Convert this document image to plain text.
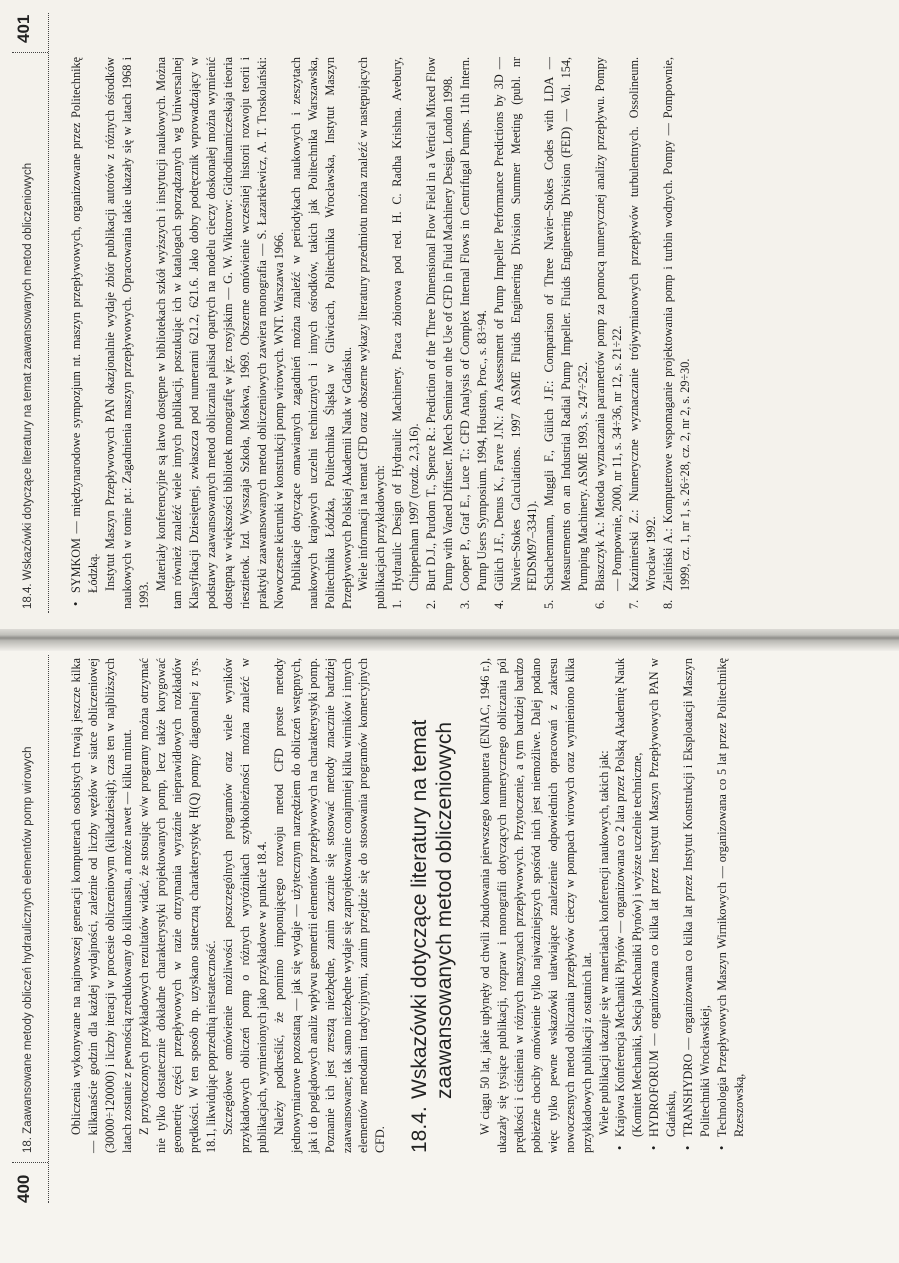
400
18. Zaawansowane metody obliczeń hydraulicznych elementów pomp wirowych	Obliczenia wykonywane na najnowszej generacji komputerach osobistych trwają jeszcze kilka — kilkanaście godzin dla każdej wydajności, zależnie od liczby węzłów w siatce obliczeniowej (30000÷120000) i liczby iteracji w procesie obliczeniowym (kilkadziesiąt); czas ten w najbliższych latach zostanie z pewnością zredukowany do kilkunastu, a może nawet — kilku minut. Z przytoczonych przykładowych rezultatów widać, że stosując w/w programy można otrzymać nie tylko dostatecznie dokładne charakterystyki projektowanych pomp, lecz także korygować geometrię części przepływowych w razie otrzymania wyraźnie nieprawidłowych rozkładów prędkości. W ten sposób np. uzyskano stateczną charakterystykę H(Q) pompy diagonalnej z rys. 18.1, likwidując poprzednią niestateczność. Szczegółowe omówienie możliwości poszczególnych programów oraz wiele wyników przykładowych obliczeń pomp o różnych wyróżnikach szybkobieżności można znaleźć w publikacjach, wymienionych jako przykładowe w punkcie 18.4. Należy podkreślić, że pomimo imponującego rozwoju metod CFD proste metody jednowymiarowe pozostaną — jak się wydaje — użytecznym narzędziem do obliczeń wstępnych, jak i do poglądowych analiz wpływu geometrii elementów przepływowych na charakterystyki pomp. Poznanie ich jest zresztą niezbędne, zanim zacznie się stosować metody znacznie bardziej zaawansowane; tak samo niezbędne wydaje się zaprojektowanie conajmniej kilku wirników i innych elementów metodami tradycyjnymi, zanim przejdzie się do stosowania programów komercyjnych CFD. 18.4.Wskazówki dotyczące literatury na temat zaawansowanych metod obliczeniowych W ciągu 50 lat, jakie upłynęły od chwili zbudowania pierwszego komputera (ENIAC, 1946 r.), ukazały się tysiące publikacji, rozpraw i monografii dotyczących numerycznego obliczania pól prędkości i ciśnienia w różnych maszynach przepływowych. Przytoczenie, a tym bardziej bardzo pobieżne chociby omówienie tylko najważniejszych spośród nich jest niemożliwe. Dalej podano więc tylko pewne wskazówki ułatwiające znalezienie odpowiednich opracowań z zakresu nowoczesnych metod obliczania przepływów cieczy w pompach wirowych oraz wymieniono kilka przykładowych publikacji z ostatnich lat. Wiele publikacji ukazuje się w materiałach konferencji naukowych, takich jak: • Krajowa Konferencja Mechaniki Płynów — organizowana co 2 lata przez Polską Akademię Nauk (Komitet Mechaniki, Sekcja Mechaniki Płynów) i wyższe uczelnie techniczne, • HYDROFORUM — organizowana co kilka lat przez Instytut Maszyn Przepływowych PAN w Gdańsku, • TRANSHYDRO — organizowana co kilka lat przez Instytut Konstrukcji i Eksploatacji Maszyn Politechniki Wrocławskiej, • Technologia Przepływowych Maszyn Wirnikowych — organizowana co 5 lat przez Politechnikę Rzeszowską,

18.4. Wskazówki dotyczące literatury na temat zaawansowanych metod obliczeniowych
401

• SYMKOM — międzynarodowe sympozjum nt. maszyn przepływowych, organizowane przez Politechnikę Łódzką. Instytut Maszyn Przepływowych PAN okazjonalnie wydaje zbiór publikacji autorów z różnych ośrodków naukowych w tomie pt.: Zagadnienia maszyn przepływowych. Opracowania takie ukazały się w latach 1968 i 1993.

Materiały konferencyjne są łatwo dostępne w bibliotekach szkół wyższych i instytucji naukowych. Można tam również znaleźć wiele innych publikacji, poszukując ich w katalogach sporządzanych wg Uniwersalnej Klasyfikacji Dziesiętnej, zwłaszcza pod numerami 621.2, 621.6. Jako dobry podręcznik wprowadzający w podstawy zaawansowanych metod obliczania palisad opartych na modelu cieczy doskonałej można wymienić dostępną w większości bibliotek monografię w jęz. rosyjskim — G. W. Wiktorow: Gidrodinamiczeskaja tieoria riesztietok. Izd. Wysszaja Szkoła, Moskwa, 1969. Obszerne omówienie wcześniej historii rozwoju teorii i praktyki zaawansowanych metod obliczeniowych zawiera monografia — S. Łazarkiewicz, A. T. Troskolański: Nowoczesne kierunki w konstrukcji pomp wirowych. WNT. Warszawa 1966. Publikacje dotyczące omawianych zagadnień można znaleźć w periodykach naukowych i zeszytach naukowych krajowych uczelni technicznych i innych ośrodków, takich jak Politechnika Warszawska, Politechnika Łódzka, Politechnika Śląska w Gliwicach, Politechnika Wrocławska, Instytut Maszyn Przepływowych Polskiej Akademii Nauk w Gdańsku. Wiele informacji na temat CFD oraz obszerne wykazy literatury przedmiotu można znaleźć w następujących publikacjach przykładowych: 1.
Hydraulic Design of Hydraulic Machinery. Praca zbiorowa pod red. H. C. Radha Krishna. Avebury, Chippenham 1997 (rozdz. 2,3,16).

2.
Burt D.J., Purdom T., Spence R.: Prediction of the Three Dimensional Flow Field in a Vertical Mixed Flow Pump with Vaned Diffuser. IMech Seminar on the Use of CFD in Fluid Machinery Design. London 1998.

3.
Cooper P., Graf E., Luce T.: CFD Analysis of Complex Internal Flows in Centrifugal Pumps. 11th Intern. Pump Users Symposium. 1994, Houston, Proc., s. 83÷94.

4.
Gülich J.F., Denus K., Favre J.N.: An Assessment of Pump Impeller Performance Predictions by 3D — Navier–Stokes Calculations. 1997 ASME Fluids Engineering Division Summer Meeting (publ. nr FEDSM97–3341).

5.
Schachenmann, Muggli F., Gülich J.F.: Comparison of Three Navier–Stokes Codes with LDA — Measurements on an Industrial Radial Pump Impeller. Fluids Engineering Division (FED) — Vol. 154, Pumping Machinery. ASME 1993, s. 247÷252.

6.
Błaszczyk A.: Metoda wyznaczania parametrów pomp za pomocą numerycznej analizy przepływu. Pompy — Pompownie, 2000, nr 11, s. 34÷36, nr 12, s. 21÷22.

7.
Kazimierski Z.: Numeryczne wyznaczanie trójwymiarowych przepływów turbulentnych. Ossolineum. Wrocław 1992.

8.
Zieliński A.: Komputerowe wspomaganie projektowania pomp i turbin wodnych. Pompy — Pompownie, 1999, cz. 1, nr 1, s. 26÷28, cz. 2, nr 2, s. 29÷30.
